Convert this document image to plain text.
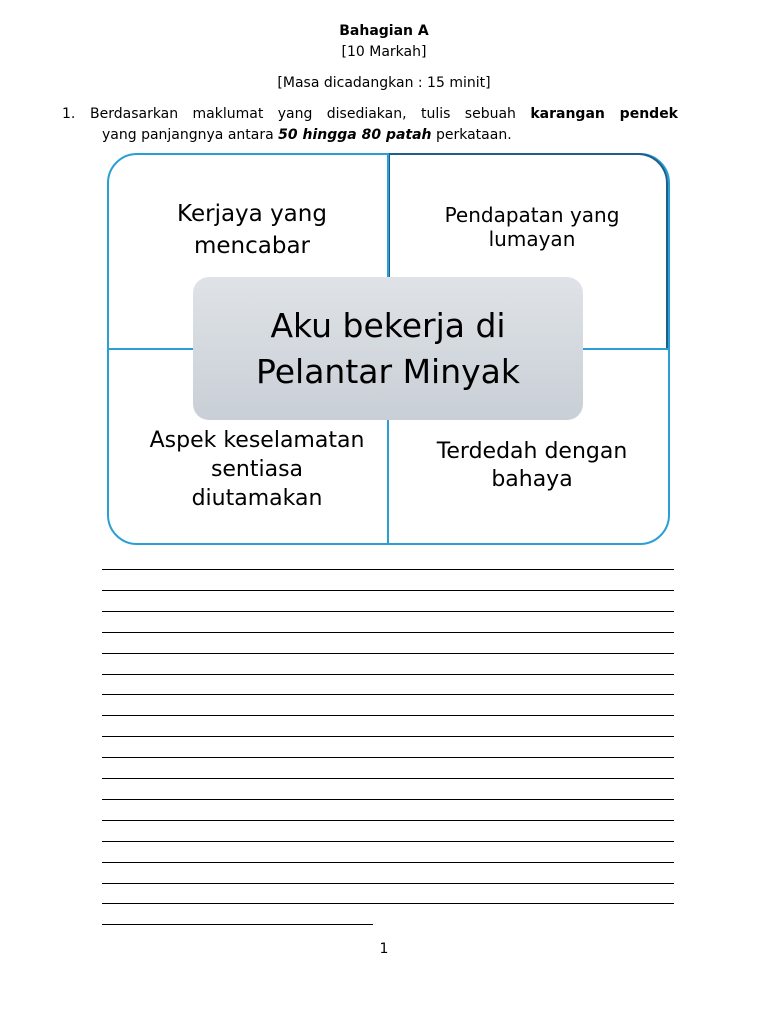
Bahagian A
[10 Markah]
[Masa dicadangkan : 15 minit]
1. Berdasarkan maklumat yang disediakan, tulis sebuah karangan pendek
yang panjangnya antara 50 hingga 80 patah perkataan.
Kerjaya yang
mencabar
Pendapatan yang
lumayan
Aspek keselamatan
sentiasa
diutamakan
Terdedah dengan
bahaya
Aku bekerja di
Pelantar Minyak
1
